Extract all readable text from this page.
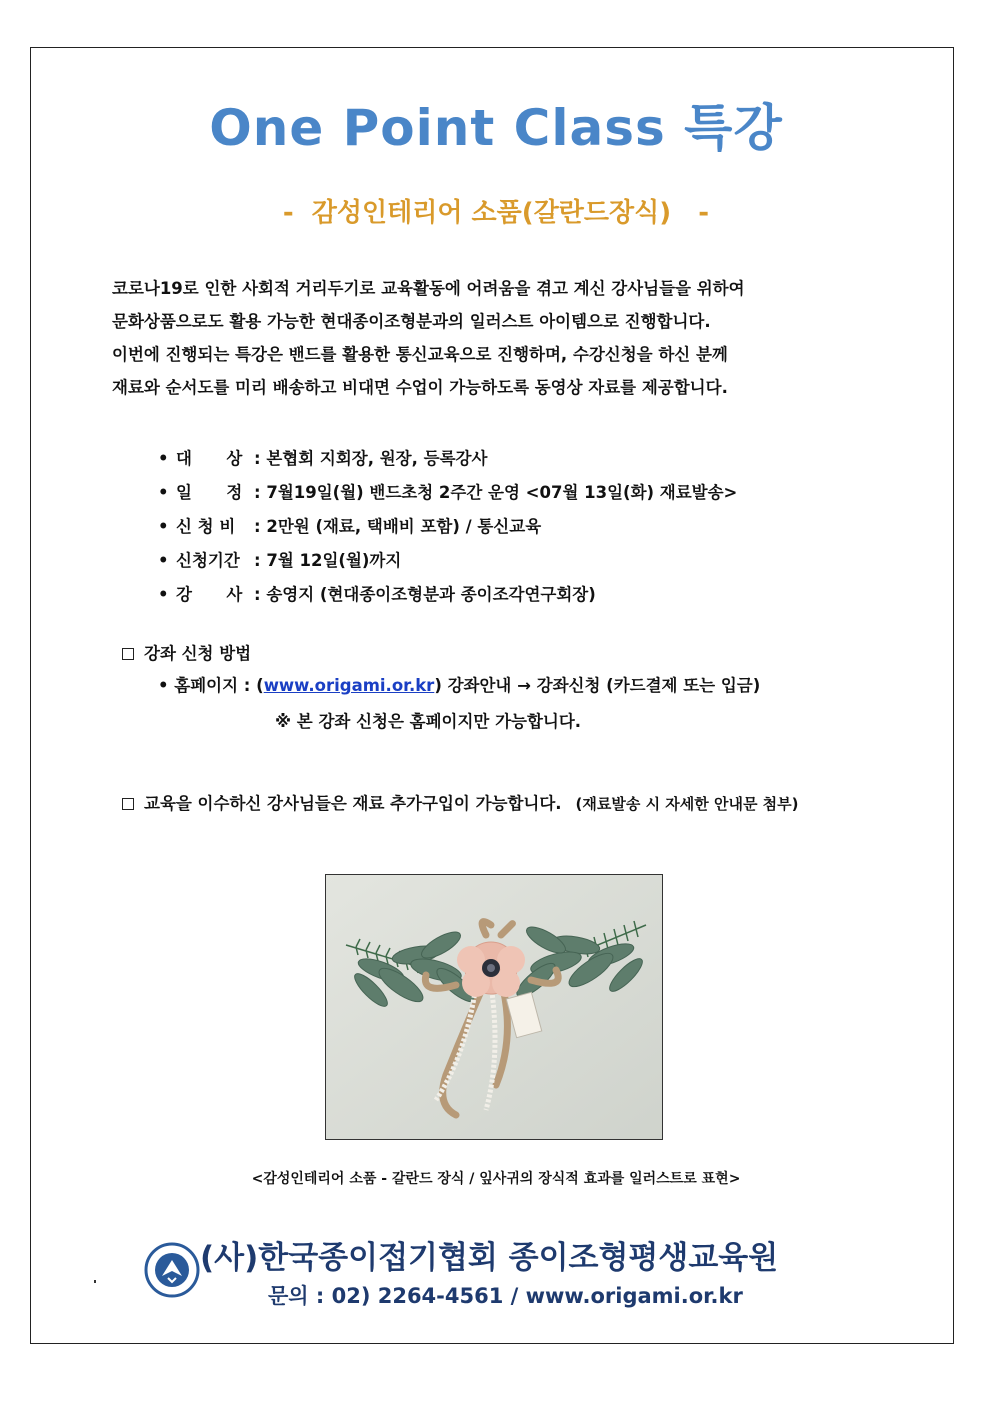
One Point Class 특강
-  감성인테리어 소품(갈란드장식)   -

코로나19로 인한 사회적 거리두기로 교육활동에 어려움을 겪고 계신 강사님들을 위하여

문화상품으로도 활용 가능한 현대종이조형분과의 일러스트 아이템으로 진행합니다.

이번에 진행되는 특강은 밴드를 활용한 통신교육으로 진행하며, 수강신청을 하신 분께

재료와 순서도를 미리 배송하고 비대면 수업이 가능하도록 동영상 자료를 제공합니다.

• 대      상 : 본협회 지회장, 원장, 등록강사
• 일      정 : 7월19일(월) 밴드초청 2주간 운영 <07월 13일(화) 재료발송>
• 신 청 비 : 2만원 (재료, 택배비 포함) / 통신교육
• 신청기간 : 7월 12일(월)까지
• 강      사 : 송영지 (현대종이조형분과 종이조각연구회장)
강좌 신청 방법
• 홈페이지 : (www.origami.or.kr) 강좌안내 → 강좌신청 (카드결제 또는 입금)
※ 본 강좌 신청은 홈페이지만 가능합니다.
교육을 이수하신 강사님들은 재료 추가구입이 가능합니다. (재료발송 시 자세한 안내문 첨부)
<감성인테리어 소품 - 갈란드 장식 / 잎사귀의 장식적 효과를 일러스트로 표현>
(사)한국종이접기협회 종이조형평생교육원
문의 : 02) 2264-4561 / www.origami.or.kr
